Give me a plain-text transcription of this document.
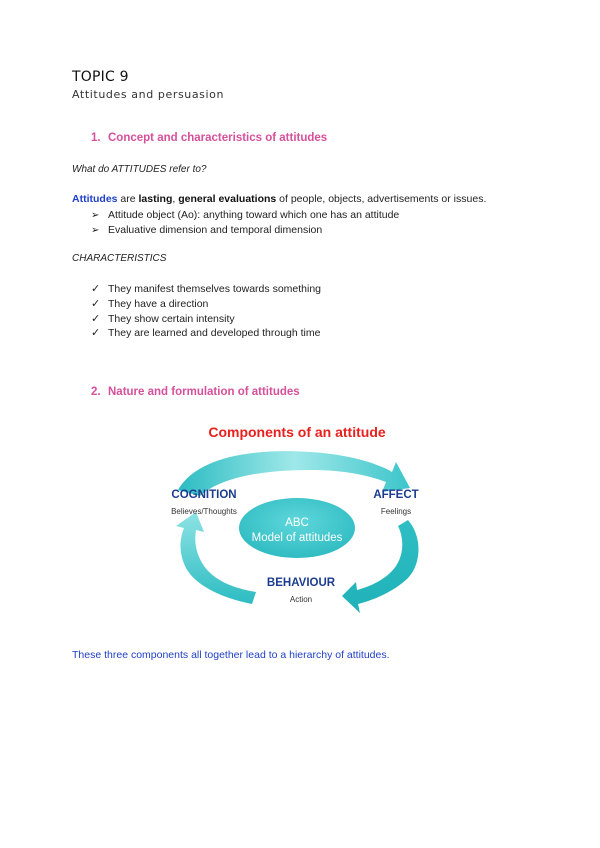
TOPIC 9
Attitudes and persuasion
1. Concept and characteristics of attitudes
What do ATTITUDES refer to?
Attitudes are lasting, general evaluations of people, objects, advertisements or issues.
➢ Attitude object (Ao): anything toward which one has an attitude
➢ Evaluative dimension and temporal dimension
CHARACTERISTICS
✓ They manifest themselves towards something
✓ They have a direction
✓ They show certain intensity
✓ They are learned and developed through time
2. Nature and formulation of attitudes
Components of an attitude
ABC
Model of attitudes
COGNITION
Believes/Thoughts
AFFECT
Feelings
BEHAVIOUR
Action
These three components all together lead to a hierarchy of attitudes.
